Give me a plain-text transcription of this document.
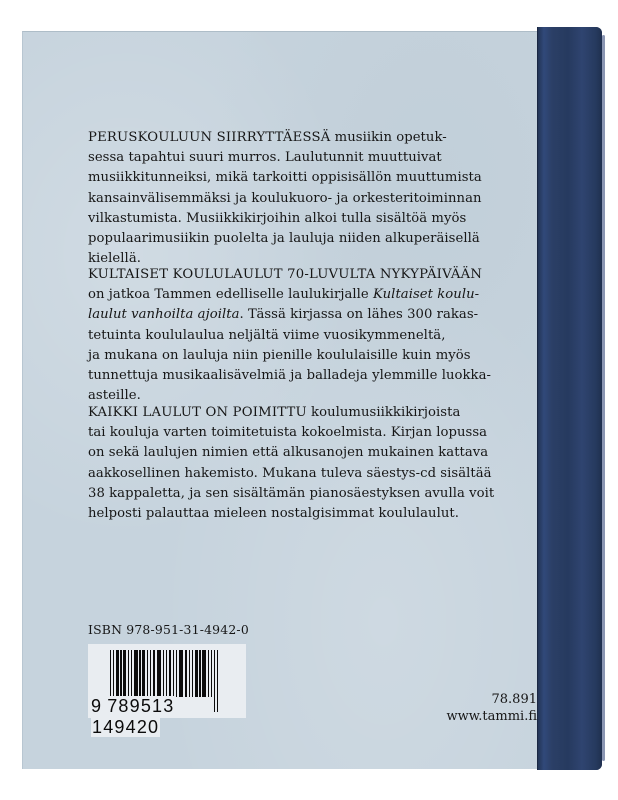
PERUSKOULUUN SIIRRYTTÄESSÄ musiikin opetuk-
sessa tapahtui suuri murros. Laulutunnit muuttuivat
musiikkitunneiksi, mikä tarkoitti oppisisällön muuttumista
kansainvälisemmäksi ja koulukuoro- ja orkesteritoiminnan
vilkastumista. Musiikkikirjoihin alkoi tulla sisältöä myös
populaarimusiikin puolelta ja lauluja niiden alkuperäisellä
kielellä.
KULTAISET KOULULAULUT 70-LUVULTA NYKYPÄIVÄÄN
on jatkoa Tammen edelliselle laulukirjalle Kultaiset koulu-
laulut vanhoilta ajoilta. Tässä kirjassa on lähes 300 rakas-
tetuinta koululaulua neljältä viime vuosikymmeneltä,
ja mukana on lauluja niin pienille koululaisille kuin myös
tunnettuja musikaalisävelmiä ja balladeja ylemmille luokka-
asteille.
KAIKKI LAULUT ON POIMITTU koulumusiikkikirjoista
tai kouluja varten toimitetuista kokoelmista. Kirjan lopussa
on sekä laulujen nimien että alkusanojen mukainen kattava
aakkosellinen hakemisto. Mukana tuleva säestys-cd sisältää
38 kappaletta, ja sen sisältämän pianosäestyksen avulla voit
helposti palauttaa mieleen nostalgisimmat koululaulut.
ISBN 978-951-31-4942-0
9 789513149420
78.891
www.tammi.fi
